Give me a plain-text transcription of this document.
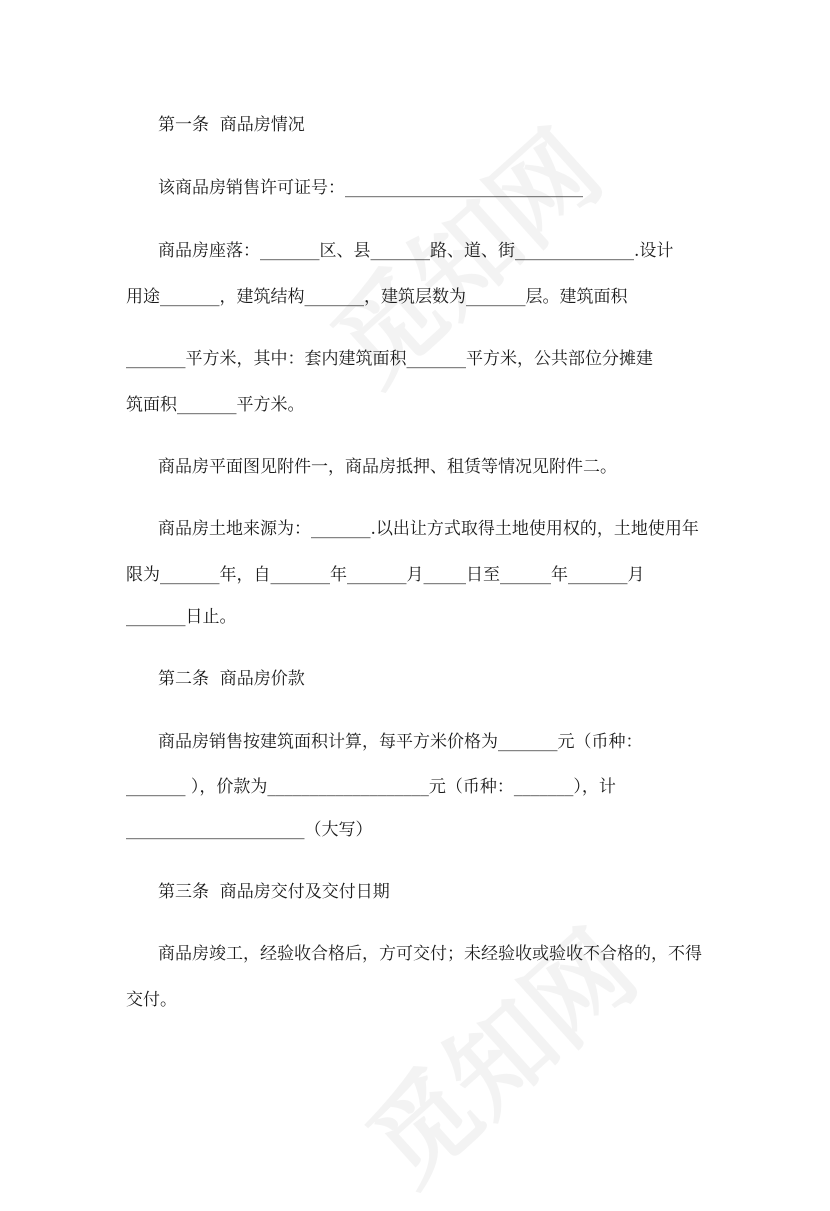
第一条  商品房情况

该商品房销售许可证号：____________________________

商品房座落：_______区、县_______路、道、街______________.设计

用途_______，建筑结构_______，建筑层数为_______层。建筑面积

_______平方米，其中：套内建筑面积_______平方米，公共部位分摊建

筑面积_______平方米。

商品房平面图见附件一，商品房抵押、租赁等情况见附件二。

商品房土地来源为：_______.以出让方式取得土地使用权的，土地使用年

限为_______年，自_______年_______月_____日至______年_______月

_______日止。

第二条  商品房价款

商品房销售按建筑面积计算，每平方米价格为_______元（币种：

_______ ），价款为___________________元（币种：_______），计

_____________________（大写）

第三条  商品房交付及交付日期

商品房竣工，经验收合格后，方可交付；未经验收或验收不合格的，不得

交付。
